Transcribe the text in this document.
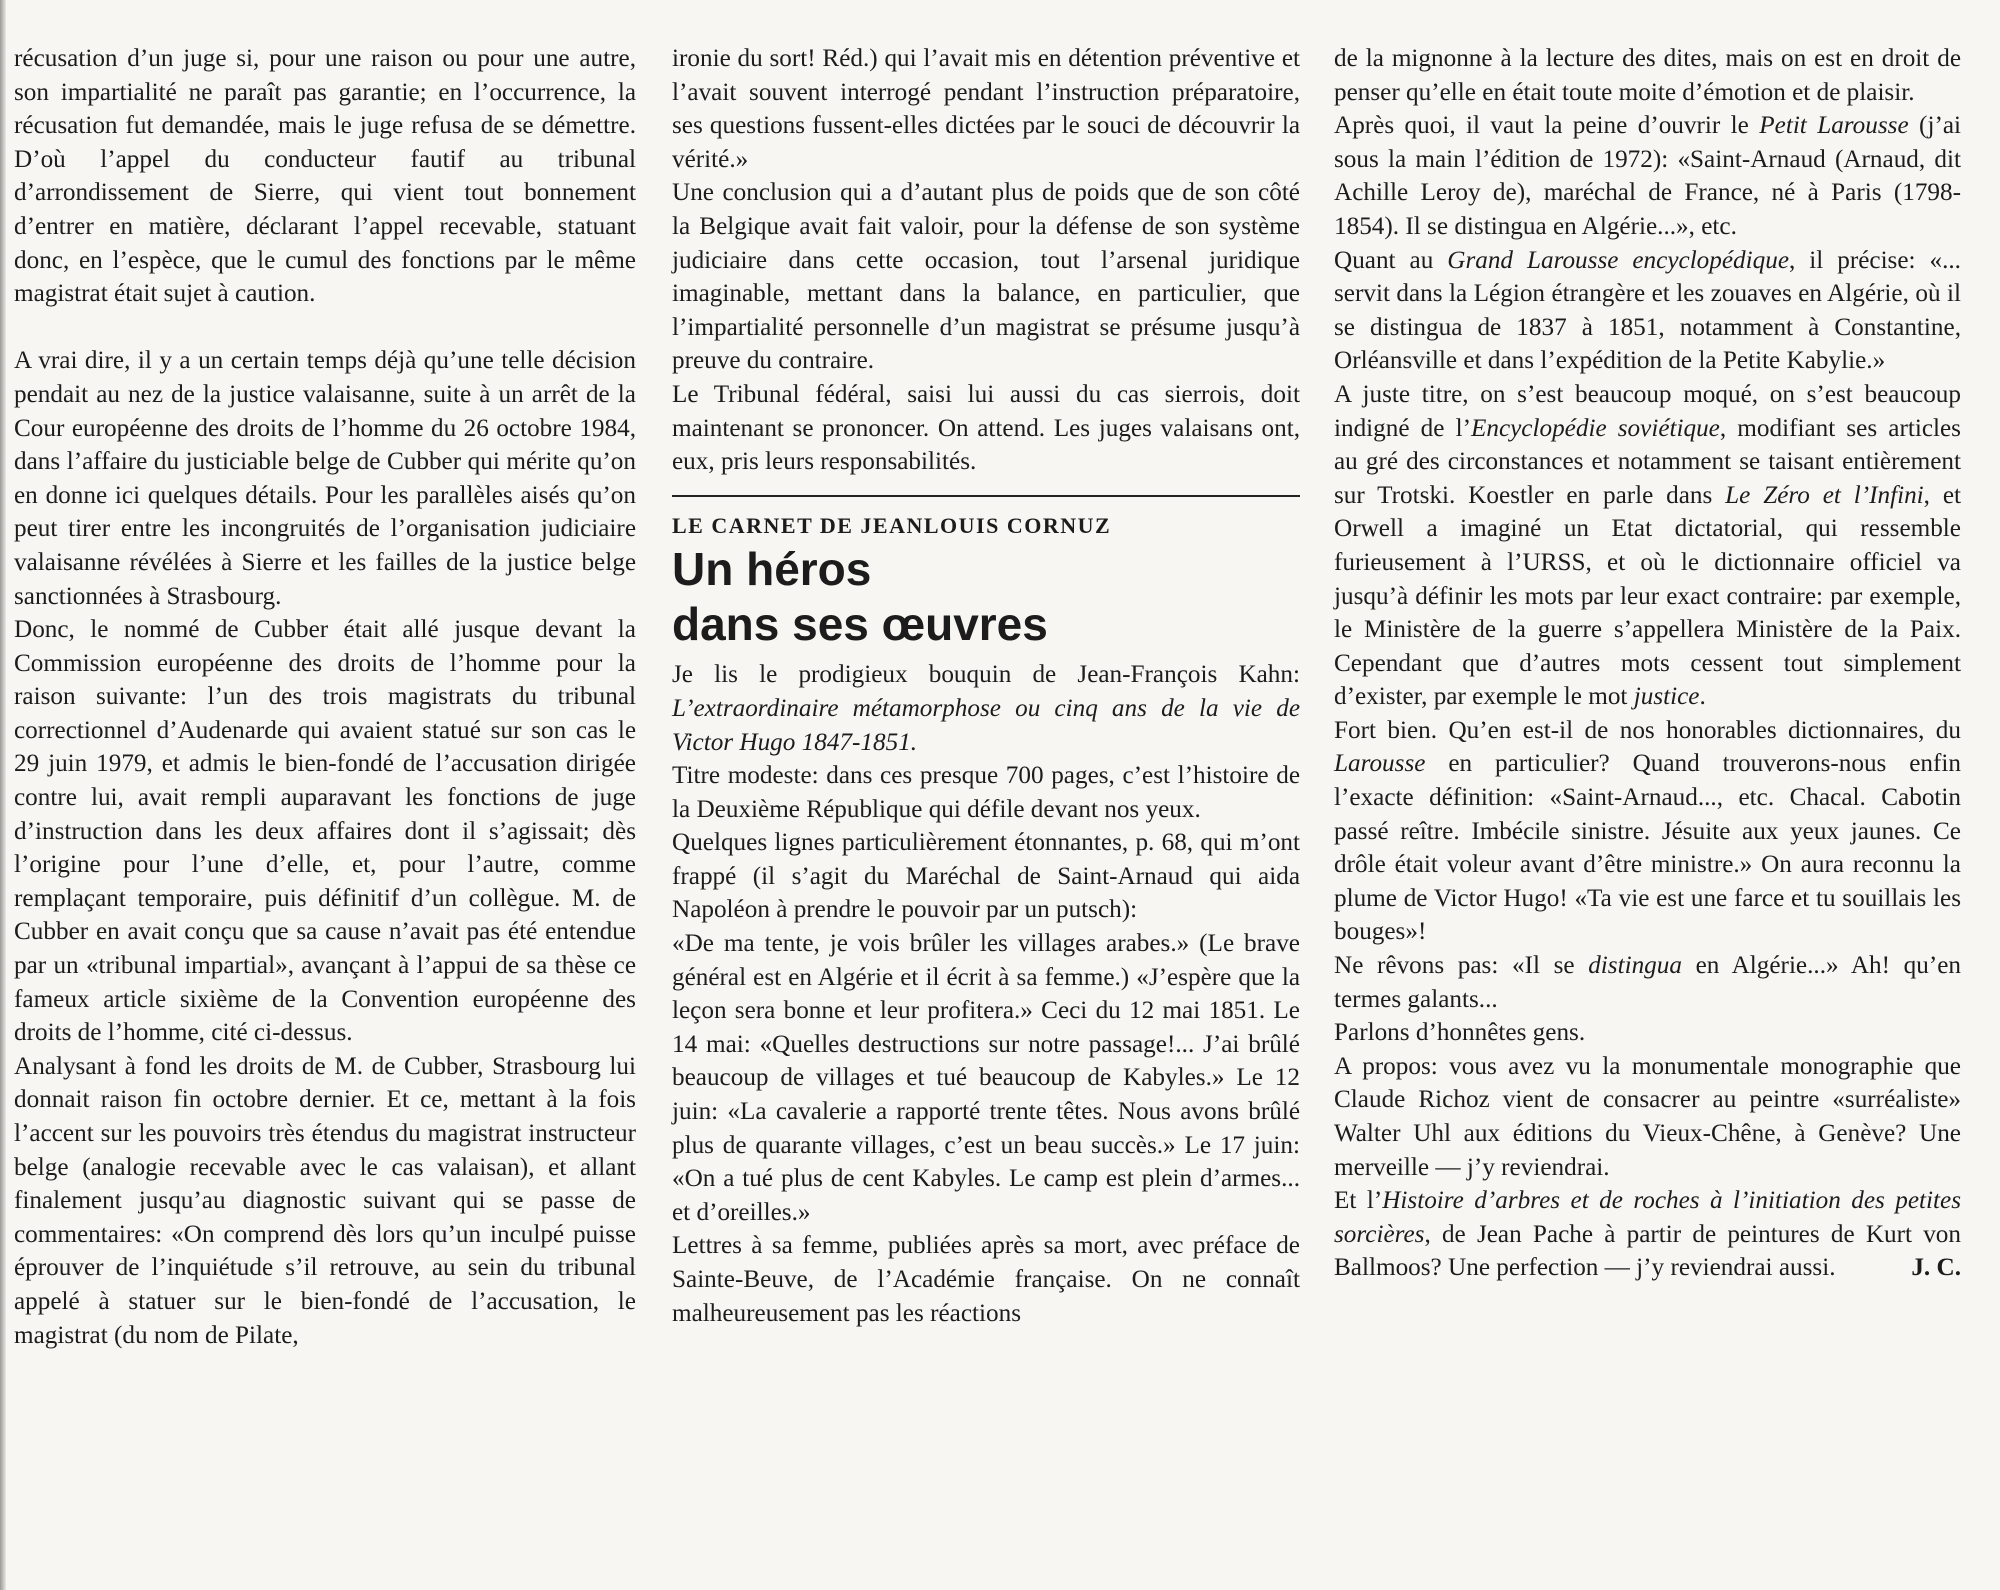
récusation d’un juge si, pour une raison ou pour une autre, son impartialité ne paraît pas garantie; en l’occurrence, la récusation fut demandée, mais le juge refusa de se démettre. D’où l’appel du conducteur fautif au tribunal d’arrondissement de Sierre, qui vient tout bonnement d’entrer en matière, déclarant l’appel recevable, statuant donc, en l’espèce, que le cumul des fonctions par le même magistrat était sujet à caution.

A vrai dire, il y a un certain temps déjà qu’une telle décision pendait au nez de la justice valaisanne, suite à un arrêt de la Cour européenne des droits de l’homme du 26 octobre 1984, dans l’affaire du justiciable belge de Cubber qui mérite qu’on en donne ici quelques détails. Pour les parallèles aisés qu’on peut tirer entre les incongruités de l’organisation judiciaire valaisanne révélées à Sierre et les failles de la justice belge sanctionnées à Strasbourg.

Donc, le nommé de Cubber était allé jusque devant la Commission européenne des droits de l’homme pour la raison suivante: l’un des trois magistrats du tribunal correctionnel d’Audenarde qui avaient statué sur son cas le 29 juin 1979, et admis le bien-fondé de l’accusation dirigée contre lui, avait rempli auparavant les fonctions de juge d’instruction dans les deux affaires dont il s’agissait; dès l’origine pour l’une d’elle, et, pour l’autre, comme remplaçant temporaire, puis définitif d’un collègue. M. de Cubber en avait conçu que sa cause n’avait pas été entendue par un «tribunal impartial», avançant à l’appui de sa thèse ce fameux article sixième de la Convention européenne des droits de l’homme, cité ci-dessus.

Analysant à fond les droits de M. de Cubber, Strasbourg lui donnait raison fin octobre dernier. Et ce, mettant à la fois l’accent sur les pouvoirs très étendus du magistrat instructeur belge (analogie recevable avec le cas valaisan), et allant finalement jusqu’au diagnostic suivant qui se passe de commentaires: «On comprend dès lors qu’un inculpé puisse éprouver de l’inquiétude s’il retrouve, au sein du tribunal appelé à statuer sur le bien-fondé de l’accusation, le magistrat (du nom de Pilate,

ironie du sort! Réd.) qui l’avait mis en détention préventive et l’avait souvent interrogé pendant l’instruction préparatoire, ses questions fussent-elles dictées par le souci de découvrir la vérité.»

Une conclusion qui a d’autant plus de poids que de son côté la Belgique avait fait valoir, pour la défense de son système judiciaire dans cette occasion, tout l’arsenal juridique imaginable, mettant dans la balance, en particulier, que l’impartialité personnelle d’un magistrat se présume jusqu’à preuve du contraire.

Le Tribunal fédéral, saisi lui aussi du cas sierrois, doit maintenant se prononcer. On attend. Les juges valaisans ont, eux, pris leurs responsabilités.

LE CARNET DE JEANLOUIS CORNUZ

Un héros
dans ses œuvres

Je lis le prodigieux bouquin de Jean-François Kahn: L’extraordinaire métamorphose ou cinq ans de la vie de Victor Hugo 1847-1851.

Titre modeste: dans ces presque 700 pages, c’est l’histoire de la Deuxième République qui défile devant nos yeux.

Quelques lignes particulièrement étonnantes, p. 68, qui m’ont frappé (il s’agit du Maréchal de Saint-Arnaud qui aida Napoléon à prendre le pouvoir par un putsch):

«De ma tente, je vois brûler les villages arabes.» (Le brave général est en Algérie et il écrit à sa femme.) «J’espère que la leçon sera bonne et leur profitera.» Ceci du 12 mai 1851. Le 14 mai: «Quelles destructions sur notre passage!... J’ai brûlé beaucoup de villages et tué beaucoup de Kabyles.» Le 12 juin: «La cavalerie a rapporté trente têtes. Nous avons brûlé plus de quarante villages, c’est un beau succès.» Le 17 juin: «On a tué plus de cent Kabyles. Le camp est plein d’armes... et d’oreilles.»

Lettres à sa femme, publiées après sa mort, avec préface de Sainte-Beuve, de l’Académie française. On ne connaît malheureusement pas les réactions

de la mignonne à la lecture des dites, mais on est en droit de penser qu’elle en était toute moite d’émotion et de plaisir.

Après quoi, il vaut la peine d’ouvrir le Petit Larousse (j’ai sous la main l’édition de 1972): «Saint-Arnaud (Arnaud, dit Achille Leroy de), maréchal de France, né à Paris (1798-1854). Il se distingua en Algérie...», etc.

Quant au Grand Larousse encyclopédique, il précise: «... servit dans la Légion étrangère et les zouaves en Algérie, où il se distingua de 1837 à 1851, notamment à Constantine, Orléansville et dans l’expédition de la Petite Kabylie.»

A juste titre, on s’est beaucoup moqué, on s’est beaucoup indigné de l’Encyclopédie soviétique, modifiant ses articles au gré des circonstances et notamment se taisant entièrement sur Trotski. Koestler en parle dans Le Zéro et l’Infini, et Orwell a imaginé un Etat dictatorial, qui ressemble furieusement à l’URSS, et où le dictionnaire officiel va jusqu’à définir les mots par leur exact contraire: par exemple, le Ministère de la guerre s’appellera Ministère de la Paix. Cependant que d’autres mots cessent tout simplement d’exister, par exemple le mot justice.

Fort bien. Qu’en est-il de nos honorables dictionnaires, du Larousse en particulier? Quand trouverons-nous enfin l’exacte définition: «Saint-Arnaud..., etc. Chacal. Cabotin passé reître. Imbécile sinistre. Jésuite aux yeux jaunes. Ce drôle était voleur avant d’être ministre.» On aura reconnu la plume de Victor Hugo! «Ta vie est une farce et tu souillais les bouges»!

Ne rêvons pas: «Il se distingua en Algérie...» Ah! qu’en termes galants...

Parlons d’honnêtes gens.

A propos: vous avez vu la monumentale monographie que Claude Richoz vient de consacrer au peintre «surréaliste» Walter Uhl aux éditions du Vieux-Chêne, à Genève? Une merveille — j’y reviendrai.

Et l’Histoire d’arbres et de roches à l’initiation des petites sorcières, de Jean Pache à partir de peintures de Kurt von Ballmoos? Une perfection — j’y reviendrai aussi.	J. C.
